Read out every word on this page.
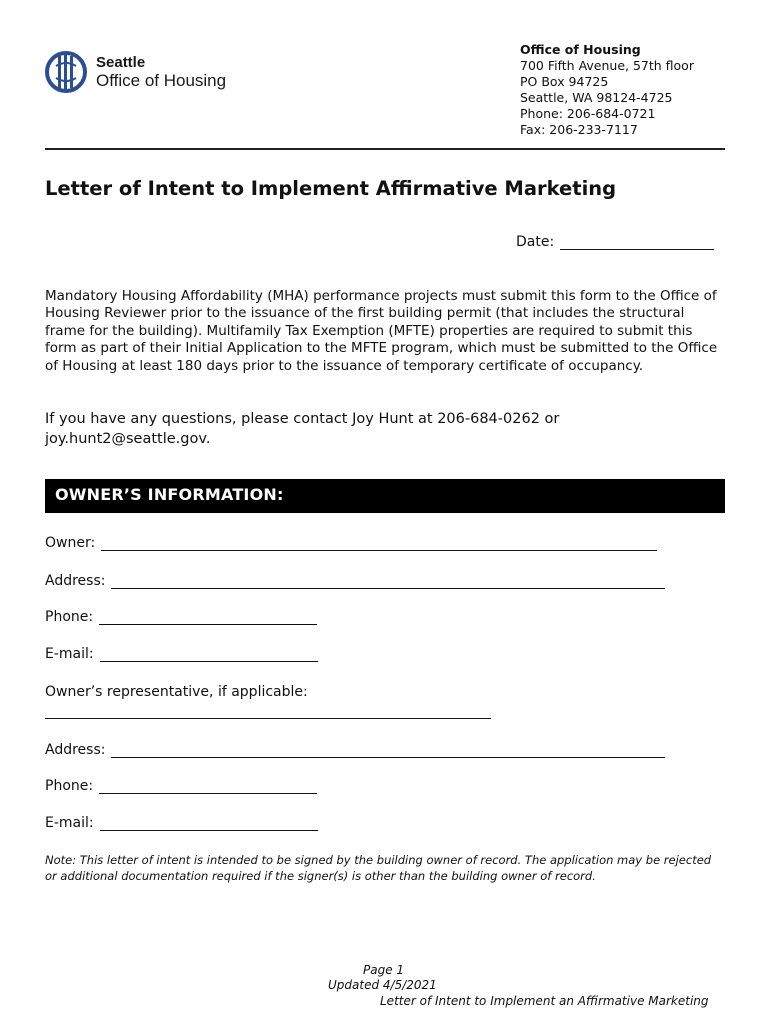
Seattle
Office of Housing
Office of Housing
700 Fifth Avenue, 57th floor
PO Box 94725
Seattle, WA 98124-4725
Phone: 206-684-0721
Fax: 206-233-7117
Letter of Intent to Implement Affirmative Marketing
Date:

Mandatory Housing Affordability (MHA) performance projects must submit this form to the Office of Housing Reviewer prior to the issuance of the first building permit (that includes the structural frame for the building). Multifamily Tax Exemption (MFTE) properties are required to submit this form as part of their Initial Application to the MFTE program, which must be submitted to the Office of Housing at least 180 days prior to the issuance of temporary certificate of occupancy.

If you have any questions, please contact Joy Hunt at 206-684-0262 or joy.hunt2@seattle.gov.

OWNER’S INFORMATION:
Owner:
Address:
Phone:
E-mail:
Owner’s representative, if applicable:
Address:
Phone:
E-mail:

Note: This letter of intent is intended to be signed by the building owner of record. The application may be rejected or additional documentation required if the signer(s) is other than the building owner of record.

Page 1
Updated 4/5/2021
Letter of Intent to Implement an Affirmative Marketing
